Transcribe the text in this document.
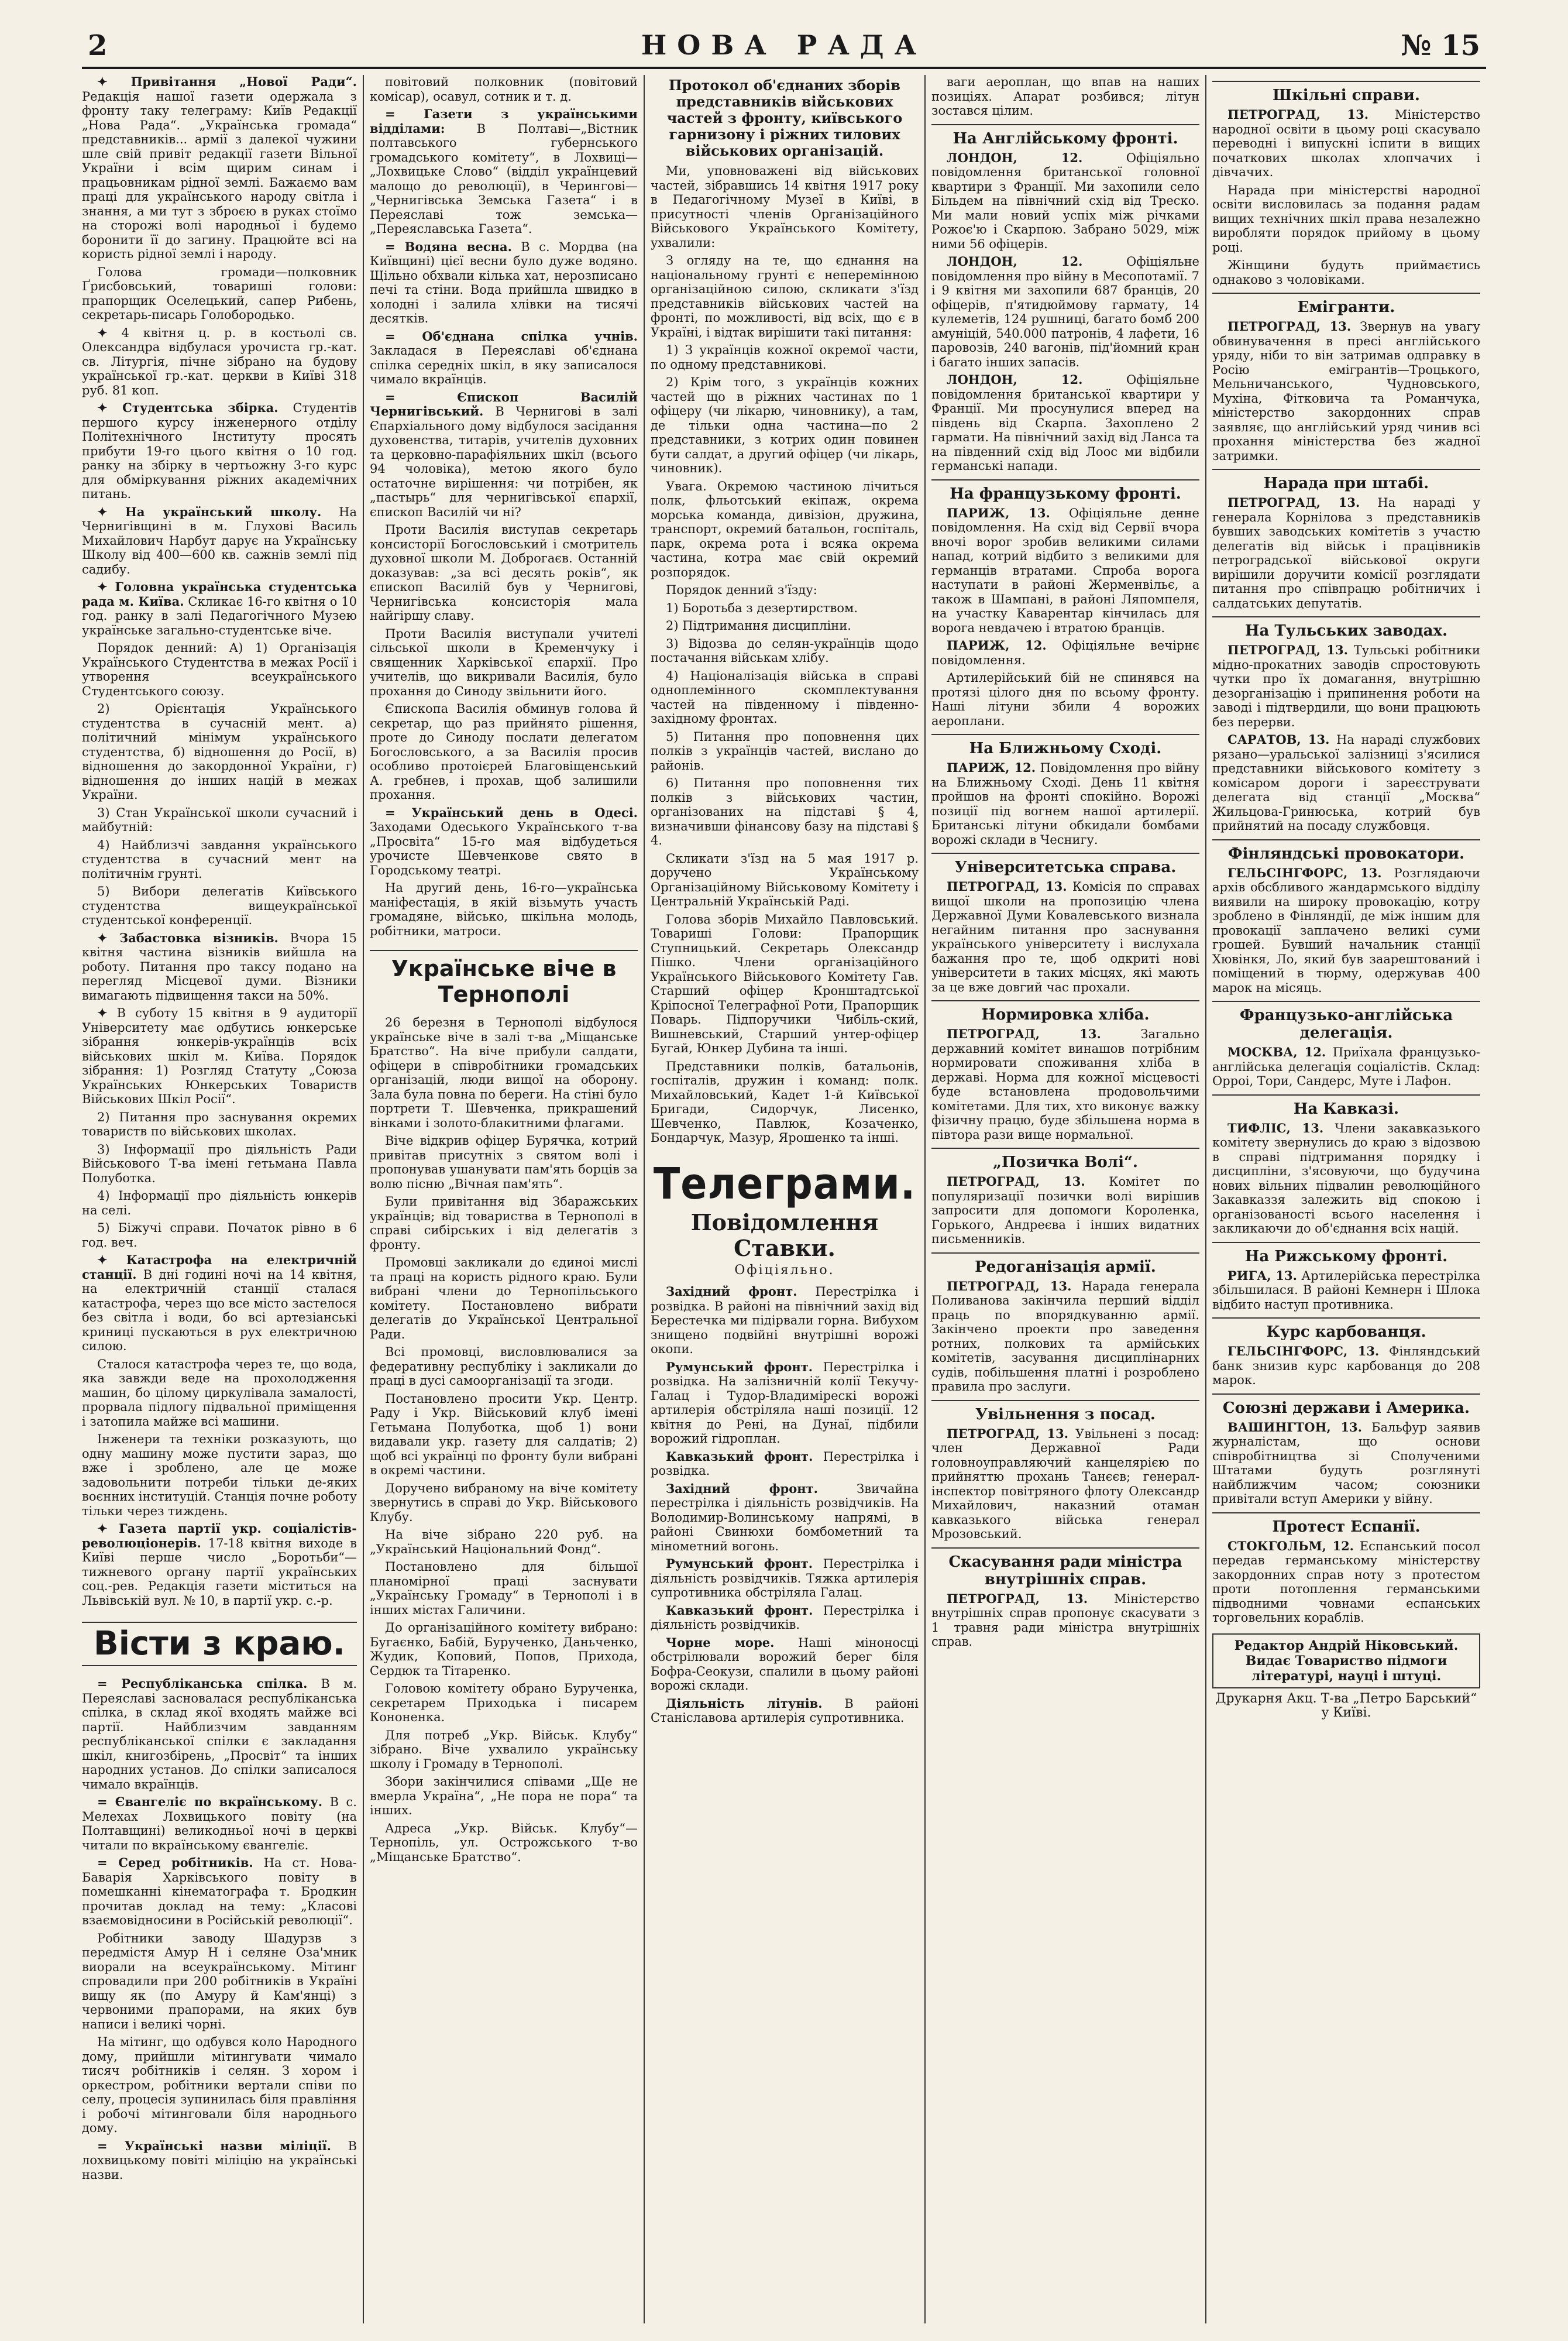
2	НОВА РАДА	№ 15

✦ Привітання „Нової Ради“. Редакція нашої газети одержала з фронту таку телеграму: Київ Редакції „Нова Рада“. „Українська громада“ представників... армії з далекої чужини шле свій привіт редакції газети Вільної України і всім щирим синам і працьовникам рідної землі. Бажаємо вам праці для українського народу світла і знання, а ми тут з зброєю в руках стоїмо на сторожі волі народньої і будемо боронити її до загину. Працюйте всі на користь рідної землі і народу.

Голова громади—полковник Ґрисбовський, товариші голови: прапорщик Оселецький, сапер Рибень, секретарь-писарь Голобородько.

✦ 4 квітня ц. р. в костьолі св. Олександра відбулася урочиста гр.-кат. св. Літургія, пічне зібрано на будову української гр.-кат. церкви в Київі 318 руб. 81 коп.

✦ Студентська збірка. Студентів першого курсу інженерного отділу Політехнічного Інституту просять прибути 19-го цього квітня о 10 год. ранку на збірку в чертьожну 3-го курс для обміркування ріжних академічних питань.

✦ На український школу. На Чернигівщині в м. Глухові Василь Михайлович Нарбут дарує на Українську Школу від 400—600 кв. сажнів землі під садибу.

✦ Головна українська студентська рада м. Київа. Скликає 16-го квітня о 10 год. ранку в залі Педагогічного Музею українське загально-студентське віче.

Порядок денний: А) 1) Організація Українського Студентства в межах Росії і утворення всеукраїнського Студентського союзу.

2) Орієнтація Українського студентства в сучасній мент. а) політичний мінімум українського студентства, б) відношення до Росії, в) відношення до закордонної України, г) відношення до інших націй в межах України.

3) Стан Української школи сучасний і майбутній:

4) Найблизчі завдання українського студентства в сучасний мент на політичнім грунті.

5) Вибори делегатів Київського студентства вищеукраїнської студентської конференції.

✦ Забастовка візників. Вчора 15 квітня частина візників вийшла на роботу. Питання про таксу подано на перегляд Місцевої думи. Візники вимагають підвищення такси на 50%.

✦ В суботу 15 квітня в 9 аудиторії Університету має одбутись юнкерське зібрання юнкерів-українців всіх військових шкіл м. Київа. Порядок зібрання: 1) Розгляд Статуту „Союза Українських Юнкерських Товариств Військових Шкіл Росії“.

2) Питання про заснування окремих товариств по військових школах.

3) Інформації про діяльність Ради Військового Т-ва імені гетьмана Павла Полуботка.

4) Інформації про діяльність юнкерів на селі.

5) Біжучі справи. Початок рівно в 6 год. веч.

✦ Катастрофа на електричній станції. В дні годині ночі на 14 квітня, на електричній станції сталася катастрофа, через що все місто застелося без світла і води, бо всі артезіанські криниці пускаються в рух електричною силою.

Сталося катастрофа через те, що вода, яка завжди веде на прохолодження машин, бо цілому циркулівала замалості, прорвала підлогу підвальної приміщення і затопила майже всі машини.

Інженери та техніки розказують, що одну машину може пустити зараз, що вже і зроблено, але це може задовольнити потреби тільки де-яких воєнних інституцій. Станція почне роботу тільки через тиждень.

✦ Газета партії укр. соціалістів-революціонерів. 17-18 квітня виходе в Київі перше число „Боротьби“—тижневого органу партії українських соц.-рев. Редакція газети міститься на Львівській вул. № 10, в партії укр. с.-р.

Вісти з краю.

= Республіканська спілка. В м. Переяславі засновалася республіканська спілка, в склад якої входять майже всі партії. Найблизчим завданням республіканської спілки є закладання шкіл, книгозбірень, „Просвіт“ та інших народних установ. До спілки записалося чимало вкраїнців.

= Євангеліє по вкраїнському. В с. Мелехах Лохвицького повіту (на Полтавщині) великодньої ночі в церкві читали по вкраїнському євангеліє.

= Серед робітників. На ст. Нова-Баварія Харківського повіту в помешканні кінематографа т. Бродкин прочитав доклад на тему: „Класові взаємовідносини в Російській революції“.

Робітники заводу Шадурзв з передмістя Амур Н і селяне Оза'мник виорали на всеукраїнському. Мітинг спровадили при 200 робітників в Україні вищу як (по Амуру й Кам'янці) з червоними прапорами, на яких був написи і великі чорні.

На мітинг, що одбувся коло Народного дому, прийшли мітингувати чимало тисяч робітників і селян. З хором і оркестром, робітники вертали співи по селу, процесія зупинилась біля правління і робочі мітинговали біля народнього дому.

= Українські назви міліції. В лохвицькому повіті міліцію на українські назви.

повітовий полковник (повітовий комісар), осавул, сотник и т. д.

= Газети з українськими відділами:	В Полтаві—„Вістник полтавського губернського громадського комітету“, в Лохвиці—„Лохвицьке Слово“ (відділ українцевий малощо до революції), в Черингові—„Чернигівська Земська Газета“ і в Переяславі тож земська—„Переяславська Газета“.

= Водяна весна. В с. Мордва (на Київщині) цієї весни було дуже водяно. Щільно обхвали кілька хат, нерозписано печі та стіни. Вода прийшла швидко в холодні і залила хлівки на тисячі десятків.

= Об'єднана спілка учнів. Закладася в Переяславі об'єднана спілка середніх шкіл, в яку записалося чимало вкраїнців.

= Єпископ Василій Чернигівський. В Чернигові в залі Єпархіального дому відбулося засідання духовенства, титарів, учителів духовних та церковно-парафіяльних шкіл (всього 94 чоловіка), метою якого було остаточне вирішення: чи потрібен, як „пастырь“ для чернигівської єпархії, єпископ Василій чи ні?

Проти Василія виступав секретарь консисторії Богословський і смотритель духовної школи М. Доброгаєв. Останній доказував: „за всі десять років“, як єпископ Василій був у Чернигові, Чернигівська консисторія мала найгіршу славу.

Проти Василія виступали учителі сільської школи в Кременчуку і священник Харківської єпархії. Про учителів, що викривали Василія, було прохання до Синоду звільнити його.

Єпископа Василія обминув голова й секретар, що раз прийнято рішення, проте до Синоду послати делегатом Богословського, а за Василія просив особливо протоієрей Благовіщенський А. гребнев, і прохав, щоб залишили прохання.

= Український день в Одесі. Заходами Одеського Українського т-ва „Просвіта“ 15-го мая відбудеться урочисте Шевченкове свято в Городському театрі.

На другий день, 16-го—українська маніфестація, в якій візьмуть участь громадяне, військо, шкільна молодь, робітники, матроси.

Українське віче в Тернополі

26 березня в Тернополі відбулося українське віче в залі т-ва „Міщанське Братство“. На віче прибули салдати, офіцери в співробітники громадських організацій, люди вищої на оборону. Зала була повна по береги. На стіні було портрети Т. Шевченка, прикрашений вінками і золото-блакитними флагами.

Віче відкрив офіцер Бурячка, котрий привітав присутніх з святом волі і пропонував ушанувати пам'ять борців за волю пісню „Вічная пам'ять“.

Були привітання від Збаражських українців; від товариства в Тернополі в справі сибірських і від делегатів з фронту.

Промовці закликали до єдиноі мислі та праці на користь рідного краю. Були вибрані члени до Тернопільського комітету. Постановлено вибрати делегатів до Української Центральної Ради.

Всі промовці, висловлювалися за федеративну республіку і закликали до праці в дусі самоорганізації та згоди.

Постановлено просити Укр. Центр. Раду і Укр. Військовий клуб імені Гетьмана Полуботка, щоб 1) вони видавали укр. газету для салдатів; 2) щоб всі українці по фронту були вибрані в окремі частини.

Доручено вибраному на віче комітету звернутись в справі до Укр. Військового Клубу.

На віче зібрано 220 руб. на „Український Національний Фонд“.

Постановлено для більшої планомірної праці заснувати „Українську Громаду“ в Тернополі і в інших містах Галичини.

До організаційного комітету вибрано: Бугаєнко, Бабій, Бурученко, Даньченко, Жудик, Коповий, Попов, Прихода, Сердюк та Тітаренко.

Головою комітету обрано Бурученка, секретарем Приходька і писарем Кононенка.

Для потреб „Укр. Військ. Клубу“ зібрано. Віче ухвалило українську школу і Громаду в Тернополі.

Збори закінчилися співами „Ще не вмерла Україна“, „Не пора не пора“ та інших.

Адреса „Укр. Військ. Клубу“—Тернопіль, ул. Острожського т-во „Міщанське Братство“.

Протокол об'єднаних зборів представників військових частей з фронту, київського гарнизону і ріжних тилових військових організацій.

Ми, уповноважені від військових частей, зібравшись 14 квітня 1917 року в Педагогічному Музеї в Київі, в присутності членів Організаційного Військового Українського Комітету, ухвалили:

З огляду на те, що єднання на національному грунті є неперемінною організаційною силою, скликати з'їзд представників військових частей на фронті, по можливості, від всіх, що є в Україні, і відтак вирішити такі питання:

1) З українців кожної окремої части, по одному представникові.

2) Крім того, з українців кожних частей що в ріжних частинах по 1 офіцеру (чи лікарю, чиновнику), а там, де тільки одна частина—по 2 представники, з котрих один повинен бути салдат, а другий офіцер (чи лікарь, чиновник).

Увага. Окремою частиною лічиться полк, фльотський екіпаж, окрема морська команда, дивізіон, дружина, транспорт, окремий батальон, госпіталь, парк, окрема рота і всяка окрема частина, котра має свій окремий розпорядок.

Порядок денний з'їзду:

1) Боротьба з дезертирством.

2) Підтримання дисципліни.

3) Відозва до селян-українців щодо постачання військам хлібу.

4) Націоналізація війська в справі одноплемінного скомплектування частей на південному і південно-західному фронтах.

5) Питання про поповнення цих полків з українців частей, вислано до районів.

6) Питання про поповнення тих полків з військових частин, організованих на підставі § 4, визначивши фінансову базу на підставі § 4.

Скликати з'їзд на 5 мая 1917 р. доручено Українському Організаційному Військовому Комітету і Центральній Українській Раді.

Голова зборів Михайло Павловський. Товариші Голови: Прапорщик Ступницький. Секретарь Олександр Пішко. Члени організаційного Українського Військового Комітету Гав. Старший офіцер Кронштадтської Кріпосної Телеграфної Роти, Прапорщик Поварь. Підпоручики Чибіль-ский, Вишневський, Старший унтер-офіцер Бугай, Юнкер Дубина та інші.

Представники полків, батальонів, госпіталів, дружин і команд: полк. Михайловський, Кадет 1-й Київської Бригади, Сидорчук, Лисенко, Шевченко, Павлюк, Козаченко, Бондарчук, Мазур, Ярошенко та інші.

Телеграми.
Повідомлення Ставки.
Офіціяльно.

Західний фронт. Перестрілка і розвідка. В районі на північний захід від Берестечка ми підірвали горна. Вибухом знищено подвійні внутрішні ворожі окопи.

Румунський фронт. Перестрілка і розвідка. На залізничній колії Текучу-Галац і Тудор-Владимірескі ворожі артилерія обстріляла наші позиції. 12 квітня до Рені, на Дунаї, підбили ворожий гідроплан.

Кавказький фронт. Перестрілка і розвідка.

Західний фронт.	Звичайна перестрілка і діяльність розвідчиків. На Володимир-Волинському напрямі, в районі Свинюхи бомбометний та мінометний вогонь.

Румунський фронт. Перестрілка і діяльність розвідчиків. Тяжка артилерія супротивника обстріляла Галац.

Кавказький фронт. Перестрілка і діяльність розвідчиків.

Чорне море. Наші міноносці обстрілювали ворожий берег біля Бофра-Сеокузи, спалили в цьому районі ворожі склади.

Діяльність літунів. В районі Станіславова артилерія супротивника.

ваги аероплан, що впав на наших позиціях. Апарат розбився; літун зостався цілим.

На Англійському фронті.

ЛОНДОН, 12.	Офіціяльно повідомлення британської головної квартири з Франції. Ми захопили село Більдем на північний схід від Треско. Ми мали новий успіх між річками Рожоє'ю і Скарпою. Забрано 5029, між ними 56 офіцерів.

ЛОНДОН, 12.	Офіціяльне повідомлення про війну в Месопотамії. 7 і 9 квітня ми захопили 687 бранців, 20 офіцерів, п'ятидюймову гармату, 14 кулеметів, 124 рушниці, багато бомб 200 амуніцій, 540.000 патронів, 4 лафети, 16 паровозів, 240 вагонів, під'йомний кран і багато інших запасів.

ЛОНДОН, 12.	Офіціяльне повідомлення британської квартири у Франції. Ми просунулися вперед на південь від Скарпа. Захоплено 2 гармати. На північний захід від Ланса та на південний схід від Лоос ми відбили германські напади.

На французькому фронті.

ПАРИЖ, 13. Офіціяльне денне повідомлення. На схід від Сервії вчора вночі ворог зробив великими силами напад, котрий відбито з великими для германців втратами. Спроба ворога наступати в районі Жерменвільє, а також в Шампані, в районі Ляпомпеля, на участку Каварентар кінчилась для ворога невдачею і втратою бранців.

ПАРИЖ, 12. Офіціяльне вечірнє повідомлення.

Артилерійський бій не спинявся на протязі цілого дня по всьому фронту. Наші літуни збили 4 ворожих аероплани.

На Ближньому Сході.

ПАРИЖ, 12. Повідомлення про війну на Ближньому Сході. День 11 квітня пройшов на фронті спокійно. Ворожі позиції під вогнем нашої артилерії. Британські літуни обкидали бомбами ворожі склади в Чеснигу.

Університетська справа.

ПЕТРОГРАД, 13. Комісія по справах вищої школи на пропозицію члена Державної Думи Ковалевського визнала негайним питання про заснування українського університету і вислухала бажання про те, щоб одкриті нові університети в таких місцях, які мають за це вже довгий час прохали.

Нормировка хліба.

ПЕТРОГРАД, 13.	Загально державний комітет винашов потрібним нормировати споживання хліба в державі. Норма для кожної місцевості буде встановлена продовольчими комітетами. Для тих, хто виконує важку фізичну працю, буде збільшена норма в півтора рази вище нормальної.

„Позичка Волі“.

ПЕТРОГРАД, 13. Комітет по популяризації позички волі вирішив запросити для допомоги Короленка, Горького, Андреєва і інших видатних письменників.

Редоганізація армії.

ПЕТРОГРАД, 13. Нарада генерала Поливанова закінчила перший відділ праць по впорядкуванню армії. Закінчено проекти про заведення ротних, полкових та армійських комітетів, засування дисциплінарних судів, побільшення платні і розроблено правила про заслуги.

Увільнення з посад.

ПЕТРОГРАД, 13. Увільнені з посад: член Державної Ради головноуправляючий канцелярією по прийняттю прохань Танєєв; генерал-інспектор повітряного флоту Олександр Михайлович, наказний отаман кавказького війська генерал Мрозовський.

Скасування ради міністра внутрішніх справ.

ПЕТРОГРАД, 13. Міністерство внутрішніх справ пропонує скасувати з 1 травня ради міністра внутрішніх справ.

Шкільні справи.

ПЕТРОГРАД, 13. Міністерство народної освіти в цьому році скасувало переводні і випускні іспити в вищих початкових школах хлопчачих і дівчачих.

Нарада при міністерстві народної освіти висловилась за подання радам вищих технічних шкіл права незалежно виробляти порядок прийому в цьому році.

Жінщини будуть приймаєтись однаково з чоловіками.

Емігранти.

ПЕТРОГРАД, 13. Звернув на увагу обвинувачення в пресі англійського уряду, ніби то він затримав одправку в Росію емігрантів—Троцького, Мельничанського, Чудновського, Мухіна, Фітковича та Романчука, міністерство закордонних справ заявляє, що англійський уряд чинив всі прохання міністерства без жадної затримки.

Нарада при штабі.

ПЕТРОГРАД, 13. На нараді у генерала Корнілова з представників бувших заводських комітетів з участю делегатів від військ і працівників петроградської військової округи вирішили доручити комісії розглядати питання про співпрацю робітничих і салдатських депутатів.

На Тульських заводах.

ПЕТРОГРАД, 13. Тульські робітники мідно-прокатних заводів спростовують чутки про їх домагання, внутрішню дезорганізацію і припинення роботи на заводі і підтвердили, що вони працюють без перерви.

САРАТОВ, 13. На нараді службових рязано—уральської залізниці з'ясилися представники військового комітету з комісаром дороги і зареєструвати делегата від станції „Москва“ Жильцова-Гринюська, котрий був прийнятий на посаду службовця.

Фінляндські провокатори.

ГЕЛЬСІНГФОРС, 13. Розглядаючи архів обсбливого жандармського відділу виявили на широку провокацію, котру зроблено в Фінляндії, де між іншим для провокації заплачено великі суми грошей. Бувший начальник станції Хювінкя, Ло, який був заарештований і поміщений в тюрму, одержував 400 марок на місяць.

Французько-англійська делегація.

МОСКВА, 12. Приїхала французько-англійська делегація соціалістів. Склад: Орроі, Тори, Сандерс, Муте і Лафон.

На Кавказі.

ТИФЛІС, 13. Члени закавказького комітету звернулись до краю з відозвою в справі підтримання порядку і дисципліни, з'ясовуючи, що будучина нових вільних підвалин революційного Закавказзя залежить від спокою і організованості всього населення і закликаючи до об'єднання всіх націй.

На Рижському фронті.

РИГА, 13. Артилерійська перестрілка збільшилася. В районі Кемнерн і Шлока відбито наступ противника.

Курс карбованця.

ГЕЛЬСІНГФОРС, 13. Фінляндський банк знизив курс карбованця до 208 марок.

Союзні держави і Америка.

ВАШИНГТОН, 13. Бальфур заявив журналістам, що основи співробітництва зі Сполученими Штатами будуть розглянуті найближчим часом; союзники привітали вступ Америки у війну.

Протест Еспанії.

СТОКГОЛЬМ, 12. Еспанський посол передав германському міністерству закордонних справ ноту з протестом проти потоплення германськими підводними човнами еспанських торговельних кораблів.

Редактор Андрій Ніковський. Видає Товариство підмоги літературі, науці і штуці.
Друкарня Акц. Т-ва „Петро Барський“ у Київі.
